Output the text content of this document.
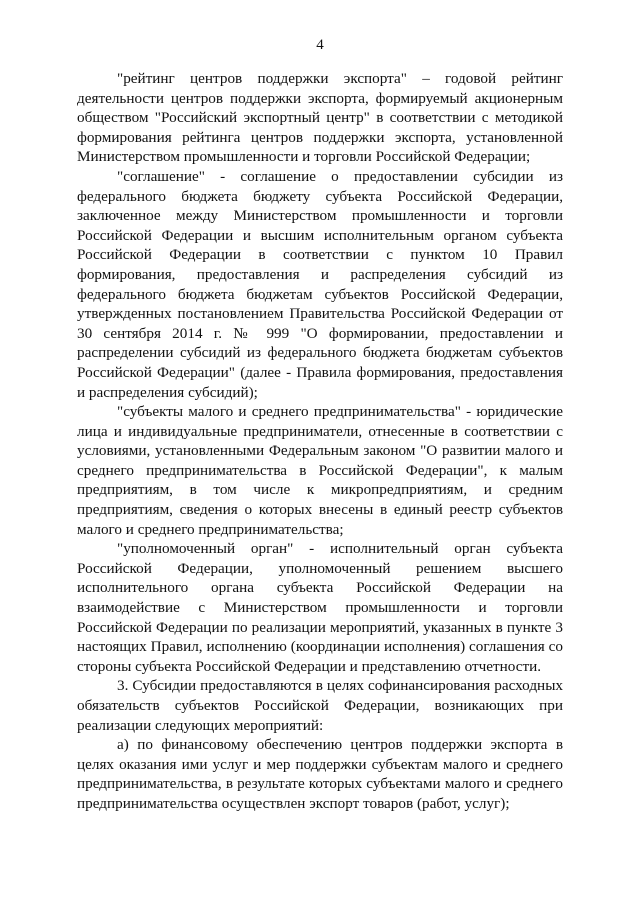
4

"рейтинг центров поддержки экспорта" – годовой рейтинг деятельности центров поддержки экспорта, формируемый акционерным обществом "Российский экспортный центр" в соответствии с методикой формирования рейтинга центров поддержки экспорта, установленной Министерством промышленности и торговли Российской Федерации;

"соглашение" - соглашение о предоставлении субсидии из федерального бюджета бюджету субъекта Российской Федерации, заключенное между Министерством промышленности и торговли Российской Федерации и высшим исполнительным органом субъекта Российской Федерации в соответствии с пунктом 10 Правил формирования, предоставления и распределения субсидий из федерального бюджета бюджетам субъектов Российской Федерации, утвержденных постановлением Правительства Российской Федерации от 30 сентября 2014 г. № 999 "О формировании, предоставлении и распределении субсидий из федерального бюджета бюджетам субъектов Российской Федерации" (далее - Правила формирования, предоставления и распределения субсидий);

"субъекты малого и среднего предпринимательства" - юридические лица и индивидуальные предприниматели, отнесенные в соответствии с условиями, установленными Федеральным законом "О развитии малого и среднего предпринимательства в Российской Федерации", к малым предприятиям, в том числе к микропредприятиям, и средним предприятиям, сведения о которых внесены в единый реестр субъектов малого и среднего предпринимательства;

"уполномоченный орган" - исполнительный орган субъекта Российской Федерации, уполномоченный решением высшего исполнительного органа субъекта Российской Федерации на взаимодействие с Министерством промышленности и торговли Российской Федерации по реализации мероприятий, указанных в пункте 3 настоящих Правил, исполнению (координации исполнения) соглашения со стороны субъекта Российской Федерации и представлению отчетности.

3. Субсидии предоставляются в целях софинансирования расходных обязательств субъектов Российской Федерации, возникающих при реализации следующих мероприятий:

а) по финансовому обеспечению центров поддержки экспорта в целях оказания ими услуг и мер поддержки субъектам малого и среднего предпринимательства, в результате которых субъектами малого и среднего предпринимательства осуществлен экспорт товаров (работ, услуг);
